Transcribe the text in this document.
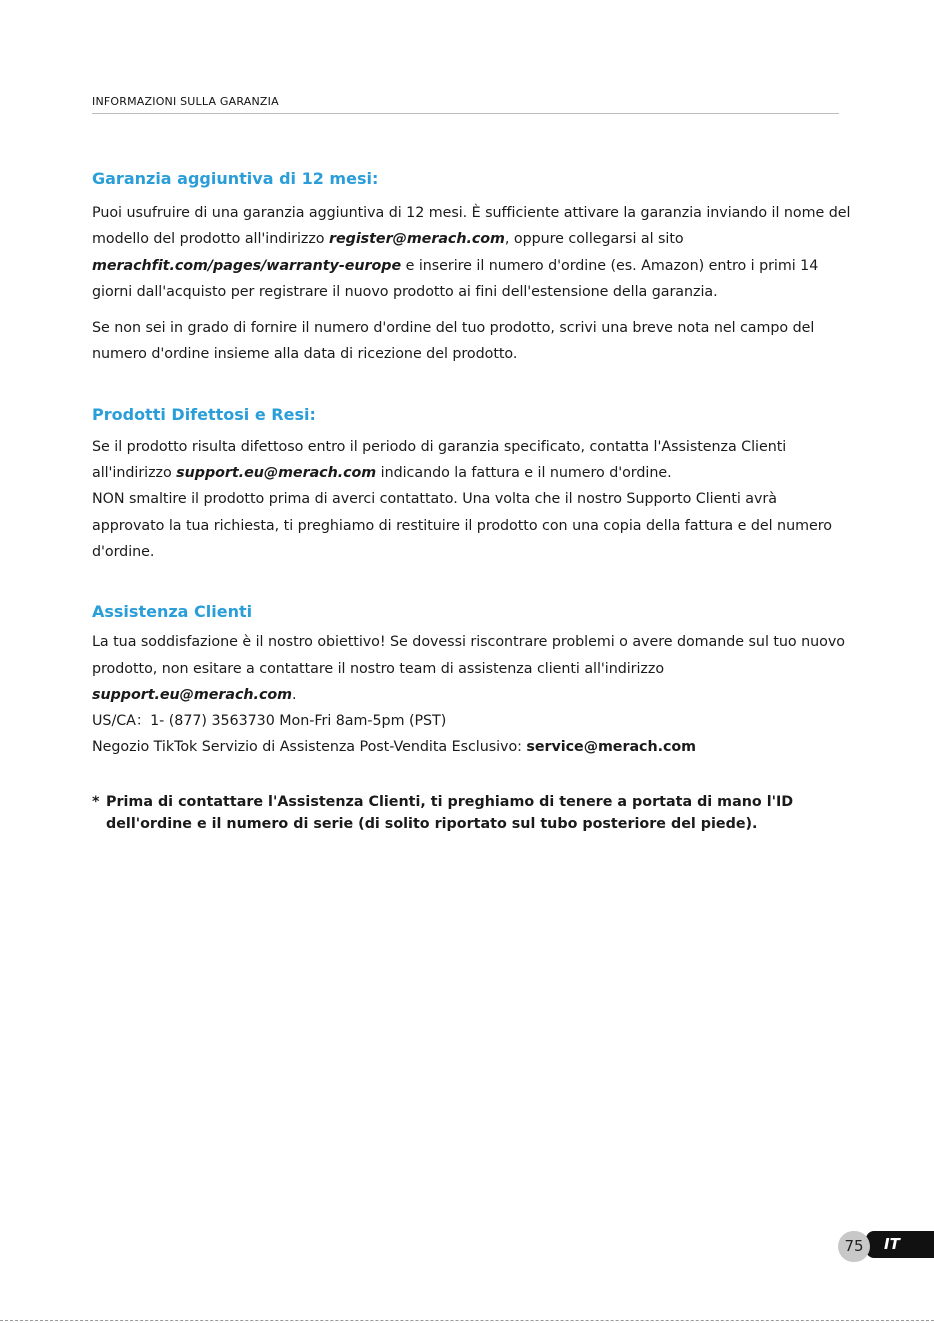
INFORMAZIONI SULLA GARANZIA
Garanzia aggiuntiva di 12 mesi:

Puoi usufruire di una garanzia aggiuntiva di 12 mesi. È sufficiente attivare la garanzia inviando il nome del modello del prodotto all'indirizzo register@merach.com, oppure collegarsi al sito merachfit.com/pages/warranty-europe e inserire il numero d'ordine (es. Amazon) entro i primi 14 giorni dall'acquisto per registrare il nuovo prodotto ai fini dell'estensione della garanzia.

Se non sei in grado di fornire il numero d'ordine del tuo prodotto, scrivi una breve nota nel campo del numero d'ordine insieme alla data di ricezione del prodotto.

Prodotti Difettosi e Resi:

Se il prodotto risulta difettoso entro il periodo di garanzia specificato, contatta l'Assistenza Clienti all'indirizzo support.eu@merach.com indicando la fattura e il numero d'ordine.

NON smaltire il prodotto prima di averci contattato. Una volta che il nostro Supporto Clienti avrà approvato la tua richiesta, ti preghiamo di restituire il prodotto con una copia della fattura e del numero d'ordine.

Assistenza Clienti

La tua soddisfazione è il nostro obiettivo! Se dovessi riscontrare problemi o avere domande sul tuo nuovo prodotto, non esitare a contattare il nostro team di assistenza clienti all'indirizzo support.eu@merach.com.

US/CA：1- (877) 3563730 Mon-Fri 8am-5pm (PST)

Negozio TikTok Servizio di Assistenza Post-Vendita Esclusivo: service@merach.com

* Prima di contattare l'Assistenza Clienti, ti preghiamo di tenere a portata di mano l'ID dell'ordine e il numero di serie (di solito riportato sul tubo posteriore del piede).
75	IT
